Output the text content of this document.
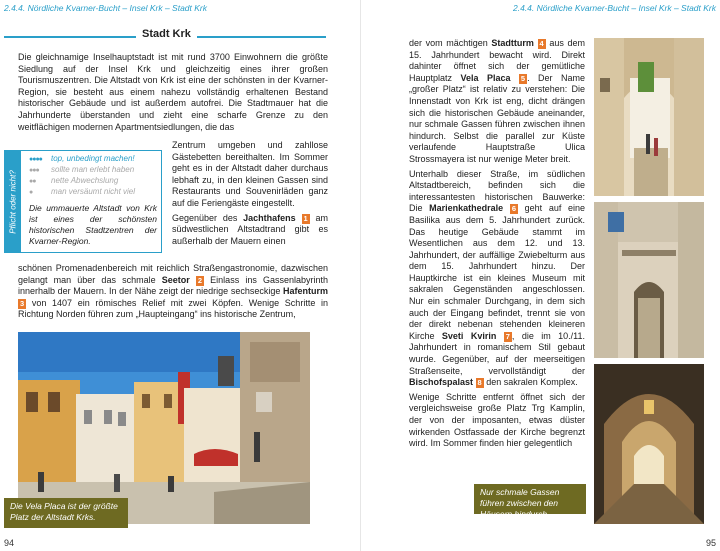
2.4.4. Nördliche Kvarner-Bucht – Insel Krk – Stadt Krk	2.4.4. Nördliche Kvarner-Bucht – Insel Krk – Stadt Krk
Stadt Krk

Die gleichnamige Inselhauptstadt ist mit rund 3700 Einwohnern die größte Siedlung auf der Insel Krk und gleichzeitig eines ihrer großen Tourismuszentren. Die Altstadt von Krk ist eine der schönsten in der Kvarner-Region, sie besteht aus einem nahezu vollständig erhaltenen Bestand historischer Gebäude und ist außerdem autofrei. Die Stadtmauer hat die Jahrhunderte überstanden und zieht eine scharfe Grenze zu den weitflächigen modernen Apartmentsiedlungen, die das

Pflicht oder nicht?
●●●● top, unbedingt machen!
●●● sollte man erlebt haben
●● nette Abwechslung
● man versäumt nicht viel

Die ummauerte Altstadt von Krk ist eines der schönsten historischen Stadtzentren der Kvarner-Region.

Zentrum umgeben und zahllose Gästebetten bereithalten. Im Sommer geht es in der Altstadt daher durchaus lebhaft zu, in den kleinen Gassen sind Restaurants und Souvenirläden ganz auf die Feriengäste eingestellt.

Gegenüber des Jachthafens 1 am südwestlichen Altstadtrand gibt es außerhalb der Mauern einen

schönen Promenadenbereich mit reichlich Straßengastronomie, dazwischen gelangt man über das schmale Seetor 2 Einlass ins Gassenlabyrinth innerhalb der Mauern. In der Nähe zeigt der niedrige sechseckige Hafenturm 3 von 1407 ein römisches Relief mit zwei Köpfen. Wenige Schritte in Richtung Norden führen zum „Haupteingang“ ins historische Zentrum,

Die Vela Placa ist der größte Platz der Altstadt Krks.
94

der vom mächtigen Stadtturm 4 aus dem 15. Jahrhundert bewacht wird. Direkt dahinter öffnet sich der gemütliche Hauptplatz Vela Placa 5 . Der Name „großer Platz“ ist relativ zu verstehen: Die Innenstadt von Krk ist eng, dicht drängen sich die historischen Gebäude aneinander, nur schmale Gassen führen zwischen ihnen hindurch. Selbst die parallel zur Küste verlaufende Hauptstraße Ulica Strossmayera ist nur wenige Meter breit.

Unterhalb dieser Straße, im südlichen Altstadtbereich, befinden sich die interessantesten historischen Bauwerke: Die Marienkathedrale 6 geht auf eine Basilika aus dem 5. Jahrhundert zurück. Das heutige Gebäude stammt im Wesentlichen aus dem 12. und 13. Jahrhundert, der auffällige Zwiebelturm aus dem 15. Jahrhundert hinzu. Der Hauptkirche ist ein kleines Museum mit sakralen Gegenständen angeschlossen. Nur ein schmaler Durchgang, in dem sich auch der Eingang befindet, trennt sie von der direkt nebenan stehenden kleineren Kirche Sveti Kvirin 7 , die im 10./11. Jahrhundert in romanischem Stil gebaut wurde. Gegenüber, auf der meerseitigen Straßenseite, vervollständigt der Bischofspalast 8 den sakralen Komplex.

Wenige Schritte entfernt öffnet sich der vergleichsweise große Platz Trg Kamplin, der von der imposanten, etwas düster wirkenden Ostfassade der Kirche begrenzt wird. Im Sommer finden hier gelegentlich

Nur schmale Gassen führen zwischen den Häusern hindurch.
95
